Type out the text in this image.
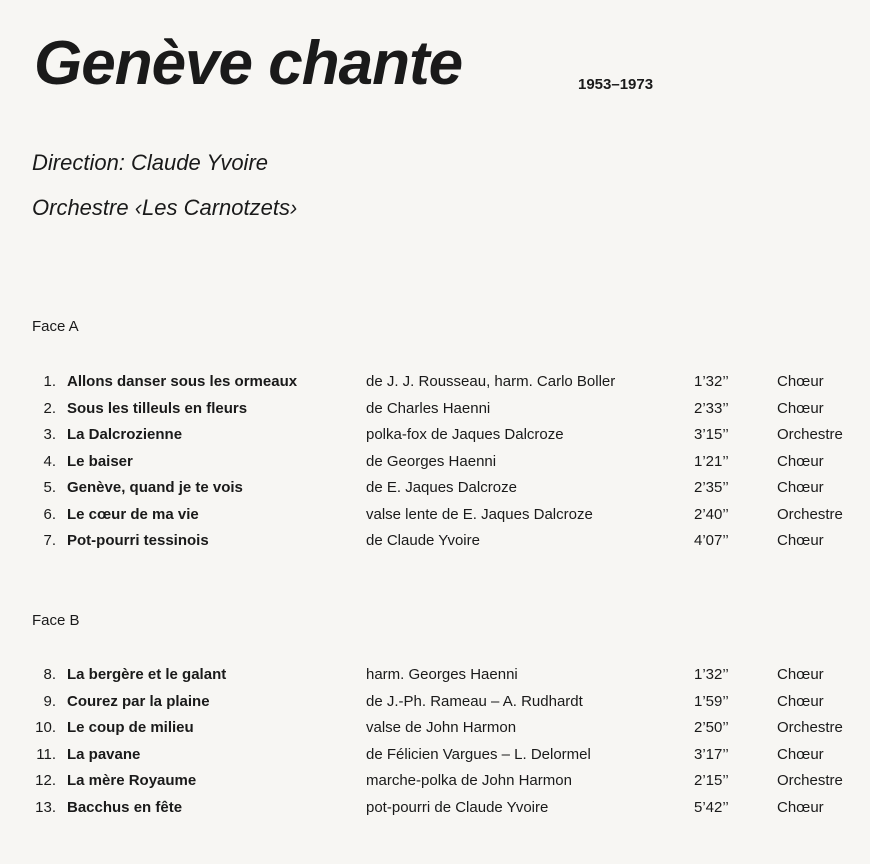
Genève chante	1953–1973
Direction: Claude Yvoire
Orchestre ‹Les Carnotzets›
Face A
1. Allons danser sous les ormeaux	de J. J. Rousseau, harm. Carlo Boller	1’32’’	Chœur
2. Sous les tilleuls en fleurs	de Charles Haenni	2’33’’	Chœur
3. La Dalcrozienne	polka-fox de Jaques Dalcroze	3’15’’	Orchestre
4. Le baiser	de Georges Haenni	1’21’’	Chœur
5. Genève, quand je te vois	de E. Jaques Dalcroze	2’35’’	Chœur
6. Le cœur de ma vie	valse lente de E. Jaques Dalcroze	2’40’’	Orchestre
7. Pot-pourri tessinois	de Claude Yvoire	4’07’’	Chœur
Face B
8. La bergère et le galant	harm. Georges Haenni	1’32’’	Chœur
9. Courez par la plaine	de J.-Ph. Rameau – A. Rudhardt	1’59’’	Chœur
10. Le coup de milieu	valse de John Harmon	2’50’’	Orchestre
11. La pavane	de Félicien Vargues – L. Delormel	3’17’’	Chœur
12. La mère Royaume	marche-polka de John Harmon	2’15’’	Orchestre
13. Bacchus en fête	pot-pourri de Claude Yvoire	5’42’’	Chœur
